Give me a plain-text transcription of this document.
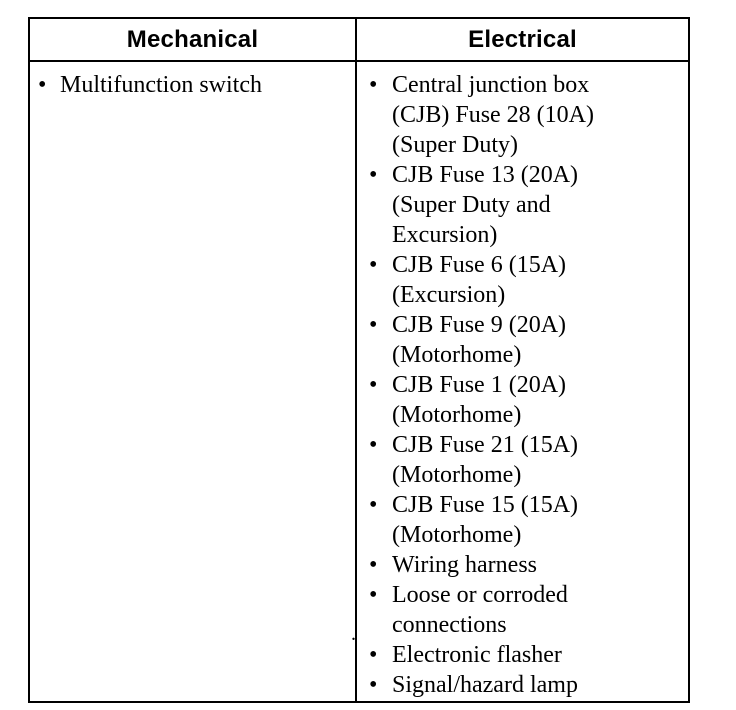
Mechanical	Electrical
• Multifunction switch	• Central junction box (CJB) Fuse 28 (10A) (Super Duty)
• CJB Fuse 13 (20A) (Super Duty and Excursion)
• CJB Fuse 6 (15A) (Excursion)
• CJB Fuse 9 (20A) (Motorhome)
• CJB Fuse 1 (20A) (Motorhome)
• CJB Fuse 21 (15A) (Motorhome)
• CJB Fuse 15 (15A) (Motorhome)
• Wiring harness
• Loose or corroded connections
• Electronic flasher
• Signal/hazard lamp
.
